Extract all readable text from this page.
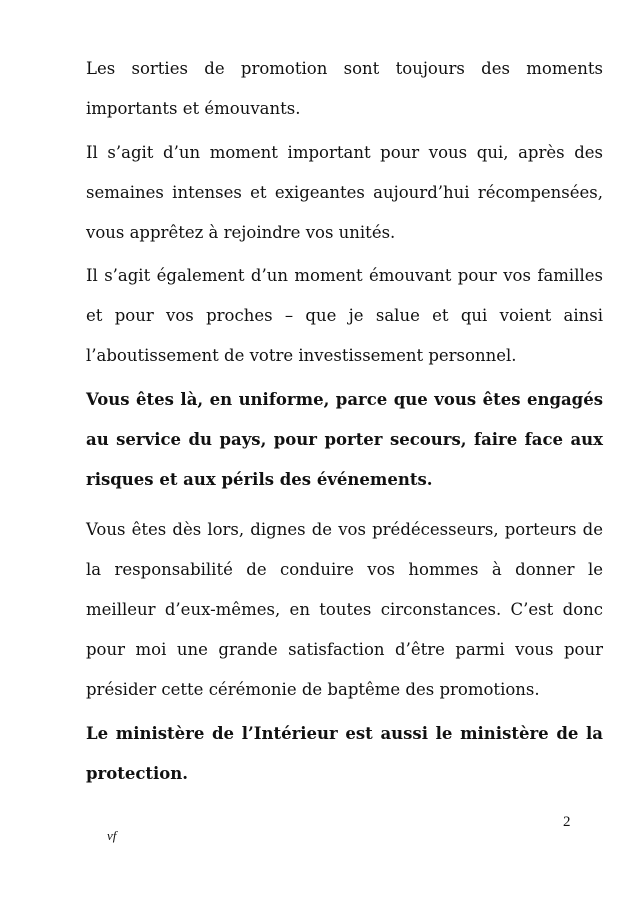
Les sorties de promotion sont toujours des moments importants et émouvants.

Il s’agit d’un moment important pour vous qui, après des semaines intenses et exigeantes aujourd’hui récompensées, vous apprêtez à rejoindre vos unités.

Il s’agit également d’un moment émouvant pour vos familles et pour vos proches – que je salue et qui voient ainsi l’aboutissement de votre investissement personnel.

Vous êtes là, en uniforme, parce que vous êtes engagés au service du pays, pour porter secours, faire face aux risques et aux périls des événements.

Vous êtes dès lors, dignes de vos prédécesseurs, porteurs de la responsabilité de conduire vos hommes à donner le meilleur d’eux-mêmes, en toutes circonstances. C’est donc pour moi une grande satisfaction d’être parmi vous pour présider cette cérémonie de baptême des promotions.

Le ministère de l’Intérieur est aussi le ministère de la protection.

2
vf
